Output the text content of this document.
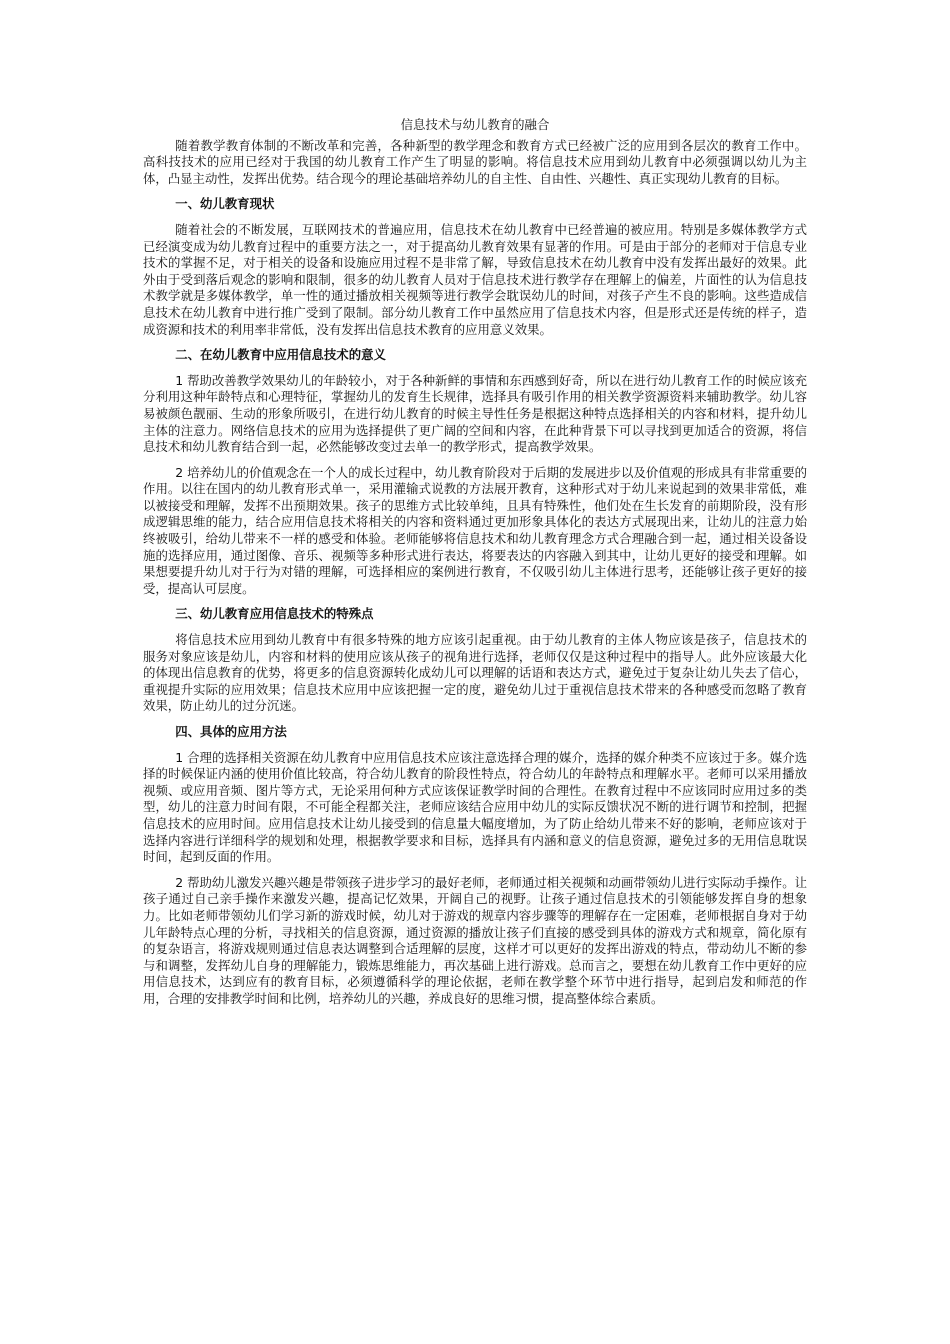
信息技术与幼儿教育的融合

随着教学教育体制的不断改革和完善，各种新型的教学理念和教育方式已经被广泛的应用到各层次的教育工作中。高科技技术的应用已经对于我国的幼儿教育工作产生了明显的影响。将信息技术应用到幼儿教育中必须强调以幼儿为主体，凸显主动性，发挥出优势。结合现今的理论基础培养幼儿的自主性、自由性、兴趣性、真正实现幼儿教育的目标。

一、幼儿教育现状

随着社会的不断发展，互联网技术的普遍应用，信息技术在幼儿教育中已经普遍的被应用。特别是多媒体教学方式已经演变成为幼儿教育过程中的重要方法之一，对于提高幼儿教育效果有显著的作用。可是由于部分的老师对于信息专业技术的掌握不足，对于相关的设备和设施应用过程不是非常了解，导致信息技术在幼儿教育中没有发挥出最好的效果。此外由于受到落后观念的影响和限制，很多的幼儿教育人员对于信息技术进行教学存在理解上的偏差，片面性的认为信息技术教学就是多媒体教学，单一性的通过播放相关视频等进行教学会耽误幼儿的时间，对孩子产生不良的影响。这些造成信息技术在幼儿教育中进行推广受到了限制。部分幼儿教育工作中虽然应用了信息技术内容，但是形式还是传统的样子，造成资源和技术的利用率非常低，没有发挥出信息技术教育的应用意义效果。

二、在幼儿教育中应用信息技术的意义

1 帮助改善教学效果幼儿的年龄较小，对于各种新鲜的事情和东西感到好奇，所以在进行幼儿教育工作的时候应该充分利用这种年龄特点和心理特征，掌握幼儿的发育生长规律，选择具有吸引作用的相关教学资源资料来辅助教学。幼儿容易被颜色靓丽、生动的形象所吸引，在进行幼儿教育的时候主导性任务是根据这种特点选择相关的内容和材料，提升幼儿主体的注意力。网络信息技术的应用为选择提供了更广阔的空间和内容，在此种背景下可以寻找到更加适合的资源，将信息技术和幼儿教育结合到一起，必然能够改变过去单一的教学形式，提高教学效果。

2 培养幼儿的价值观念在一个人的成长过程中，幼儿教育阶段对于后期的发展进步以及价值观的形成具有非常重要的作用。以往在国内的幼儿教育形式单一，采用灌输式说教的方法展开教育，这种形式对于幼儿来说起到的效果非常低，难以被接受和理解，发挥不出预期效果。孩子的思维方式比较单纯，且具有特殊性，他们处在生长发育的前期阶段，没有形成逻辑思维的能力，结合应用信息技术将相关的内容和资料通过更加形象具体化的表达方式展现出来，让幼儿的注意力始终被吸引，给幼儿带来不一样的感受和体验。老师能够将信息技术和幼儿教育理念方式合理融合到一起，通过相关设备设施的选择应用，通过图像、音乐、视频等多种形式进行表达，将要表达的内容融入到其中，让幼儿更好的接受和理解。如果想要提升幼儿对于行为对错的理解，可选择相应的案例进行教育，不仅吸引幼儿主体进行思考，还能够让孩子更好的接受，提高认可层度。

三、幼儿教育应用信息技术的特殊点

将信息技术应用到幼儿教育中有很多特殊的地方应该引起重视。由于幼儿教育的主体人物应该是孩子，信息技术的服务对象应该是幼儿，内容和材料的使用应该从孩子的视角进行选择，老师仅仅是这种过程中的指导人。此外应该最大化的体现出信息教育的优势，将更多的信息资源转化成幼儿可以理解的话语和表达方式，避免过于复杂让幼儿失去了信心，重视提升实际的应用效果；信息技术应用中应该把握一定的度，避免幼儿过于重视信息技术带来的各种感受而忽略了教育效果，防止幼儿的过分沉迷。

四、具体的应用方法

1 合理的选择相关资源在幼儿教育中应用信息技术应该注意选择合理的媒介，选择的媒介种类不应该过于多。媒介选择的时候保证内涵的使用价值比较高，符合幼儿教育的阶段性特点，符合幼儿的年龄特点和理解水平。老师可以采用播放视频、或应用音频、图片等方式，无论采用何种方式应该保证教学时间的合理性。在教育过程中不应该同时应用过多的类型，幼儿的注意力时间有限，不可能全程都关注，老师应该结合应用中幼儿的实际反馈状况不断的进行调节和控制，把握信息技术的应用时间。应用信息技术让幼儿接受到的信息量大幅度增加，为了防止给幼儿带来不好的影响，老师应该对于选择内容进行详细科学的规划和处理，根据教学要求和目标，选择具有内涵和意义的信息资源，避免过多的无用信息耽误时间，起到反面的作用。

2 帮助幼儿激发兴趣兴趣是带领孩子进步学习的最好老师，老师通过相关视频和动画带领幼儿进行实际动手操作。让孩子通过自己亲手操作来激发兴趣，提高记忆效果，开阔自己的视野。让孩子通过信息技术的引领能够发挥自身的想象力。比如老师带领幼儿们学习新的游戏时候，幼儿对于游戏的规章内容步骤等的理解存在一定困难，老师根据自身对于幼儿年龄特点心理的分析，寻找相关的信息资源，通过资源的播放让孩子们直接的感受到具体的游戏方式和规章，简化原有的复杂语言，将游戏规则通过信息表达调整到合适理解的层度，这样才可以更好的发挥出游戏的特点，带动幼儿不断的参与和调整，发挥幼儿自身的理解能力，锻炼思维能力，再次基础上进行游戏。总而言之，要想在幼儿教育工作中更好的应用信息技术，达到应有的教育目标，必须遵循科学的理论依据，老师在教学整个环节中进行指导，起到启发和师范的作用，合理的安排教学时间和比例，培养幼儿的兴趣，养成良好的思维习惯，提高整体综合素质。
